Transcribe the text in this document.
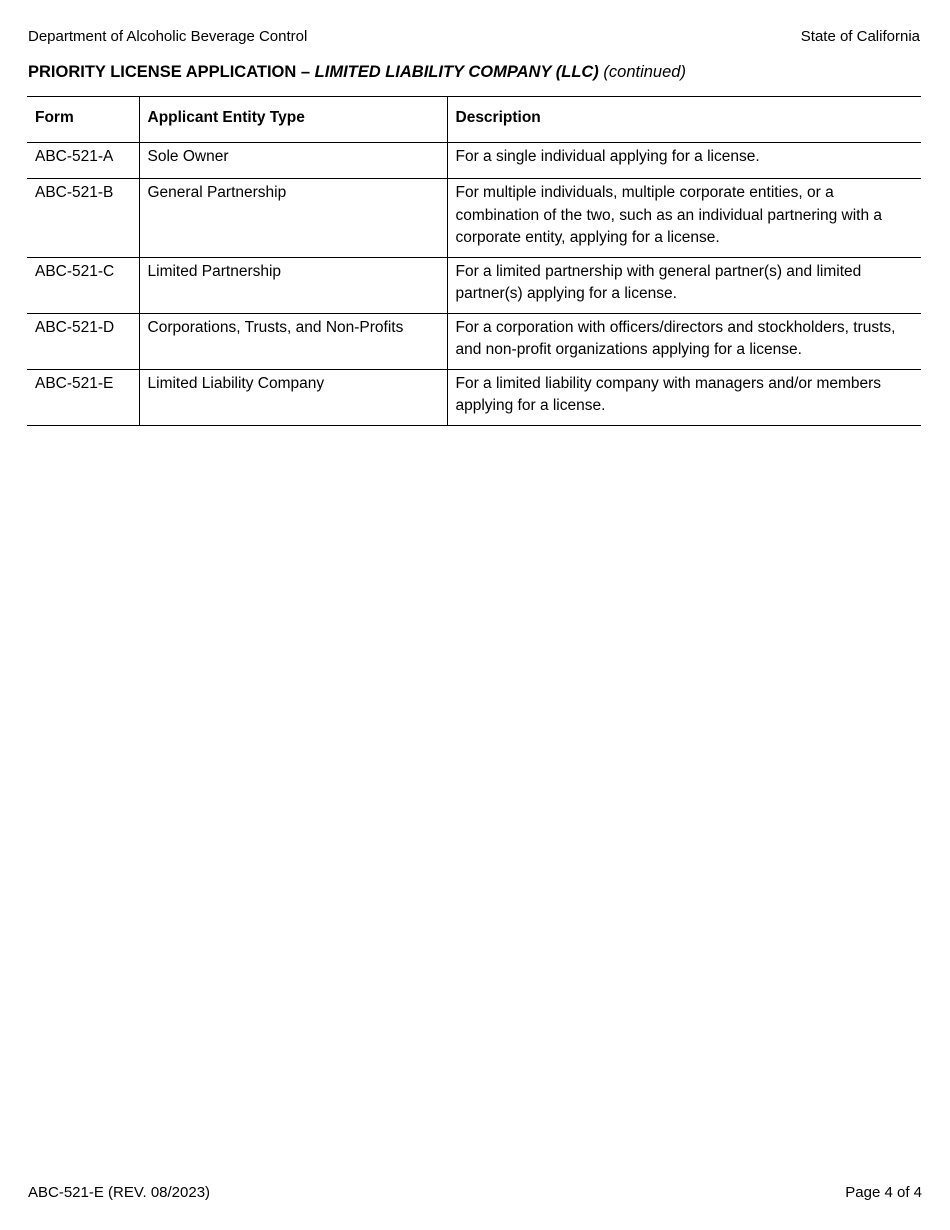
Department of Alcoholic Beverage Control	State of California
PRIORITY LICENSE APPLICATION – LIMITED LIABILITY COMPANY (LLC) (continued)
Form	Applicant Entity Type	Description
ABC-521-A	Sole Owner	For a single individual applying for a license.
ABC-521-B	General Partnership	For multiple individuals, multiple corporate entities, or a combination of the two, such as an individual partnering with a corporate entity, applying for a license.
ABC-521-C	Limited Partnership	For a limited partnership with general partner(s) and limited partner(s) applying for a license.
ABC-521-D	Corporations, Trusts, and Non-Profits	For a corporation with officers/directors and stockholders, trusts, and non-profit organizations applying for a license.
ABC-521-E	Limited Liability Company	For a limited liability company with managers and/or members applying for a license.
ABC-521-E (REV. 08/2023)	Page 4 of 4
